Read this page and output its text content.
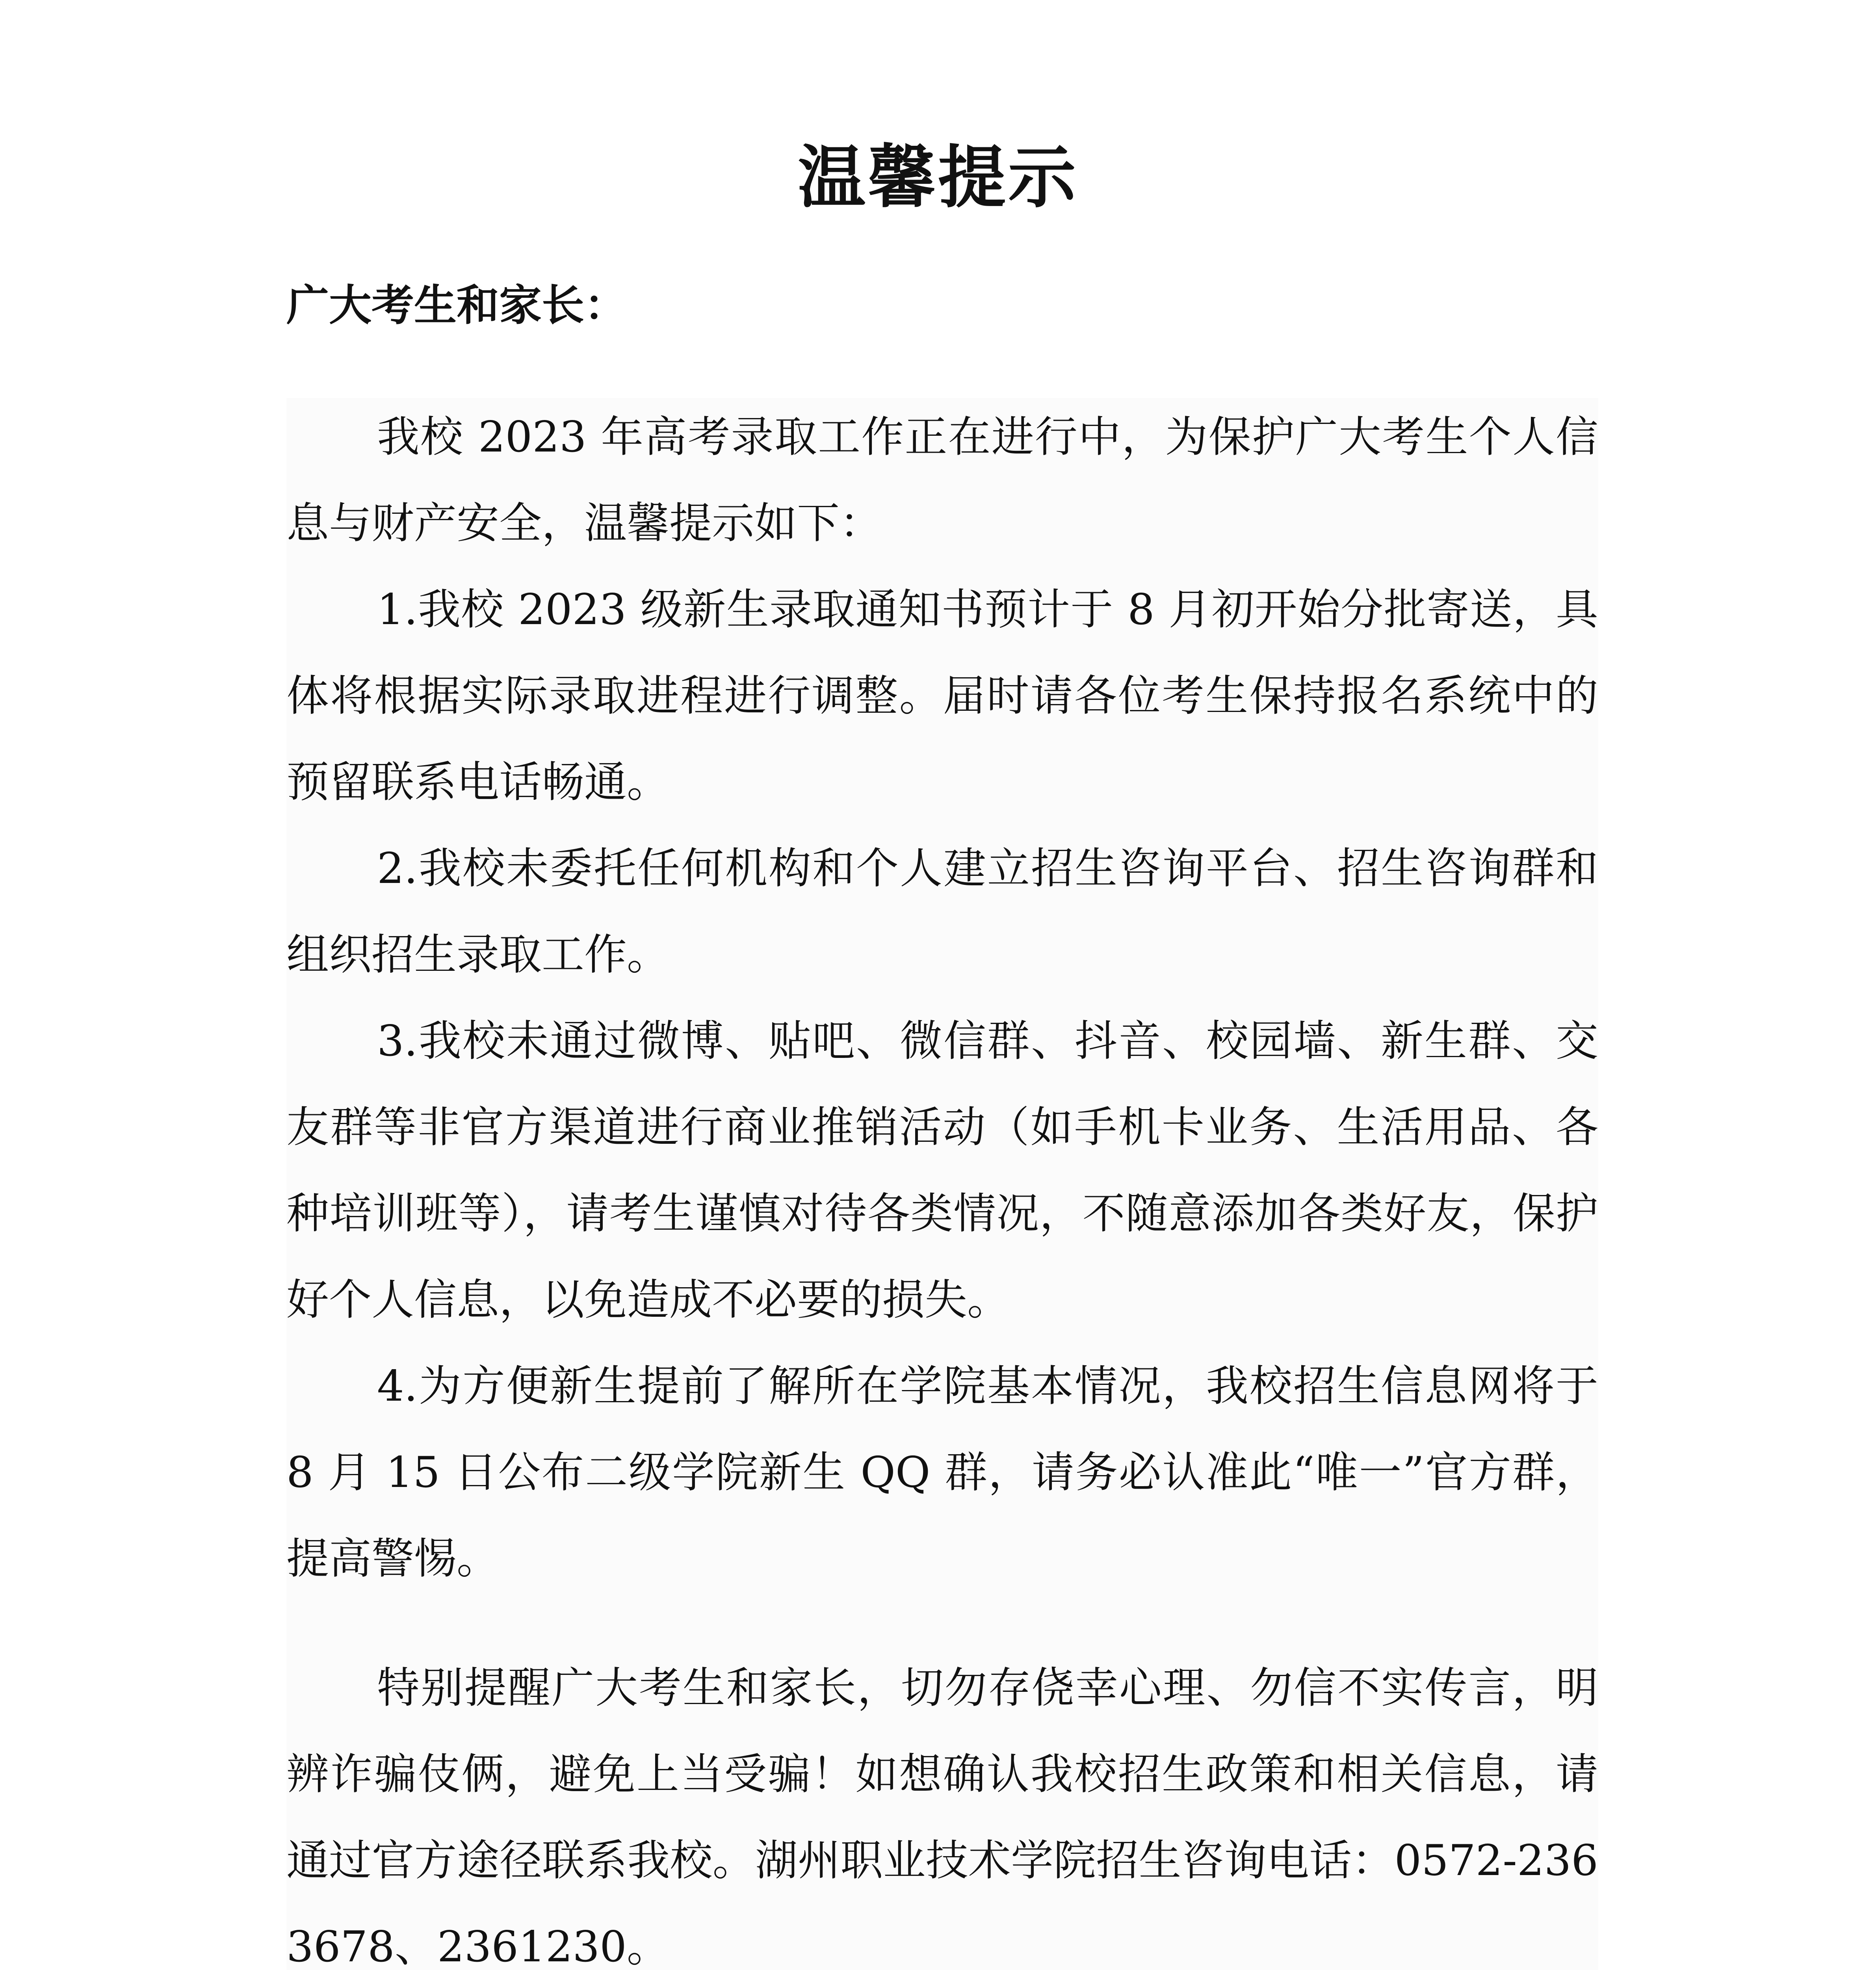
温馨提示
广大考生和家长：

我校 2023 年高考录取工作正在进行中，为保护广大考生个人信息与财产安全，温馨提示如下：

1.我校 2023 级新生录取通知书预计于 8 月初开始分批寄送，具体将根据实际录取进程进行调整。届时请各位考生保持报名系统中的预留联系电话畅通。

2.我校未委托任何机构和个人建立招生咨询平台、招生咨询群和组织招生录取工作。

3.我校未通过微博、贴吧、微信群、抖音、校园墙、新生群、交友群等非官方渠道进行商业推销活动（如手机卡业务、生活用品、各种培训班等），请考生谨慎对待各类情况，不随意添加各类好友，保护好个人信息，以免造成不必要的损失。

4.为方便新生提前了解所在学院基本情况，我校招生信息网将于 8 月 15 日公布二级学院新生 QQ 群，请务必认准此“唯一”官方群，提高警惕。

特别提醒广大考生和家长，切勿存侥幸心理、勿信不实传言，明辨诈骗伎俩，避免上当受骗！如想确认我校招生政策和相关信息，请通过官方途径联系我校。湖州职业技术学院招生咨询电话：0572-2363678、2361230。
